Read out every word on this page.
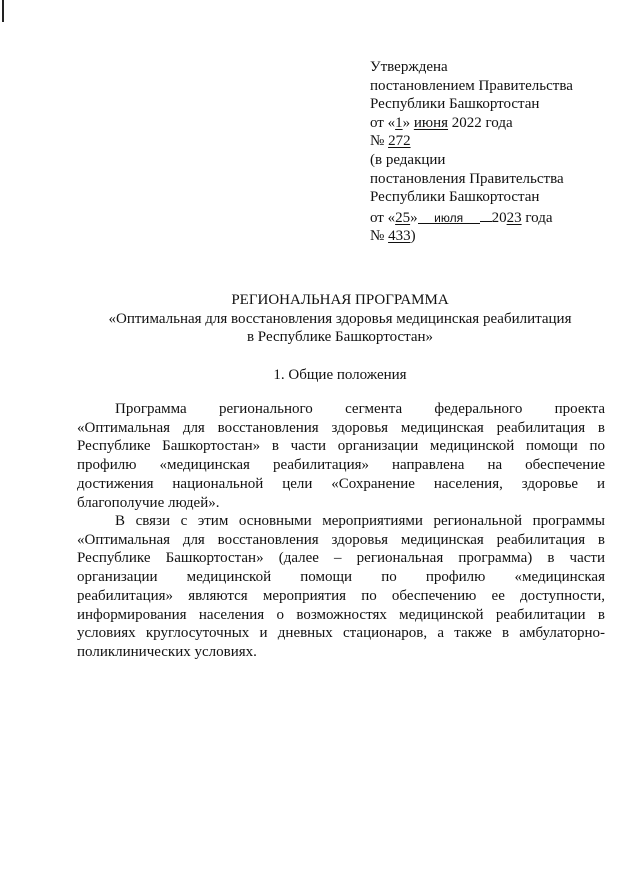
Утверждена
постановлением Правительства
Республики Башкортостан
от «1» июня 2022 года
№ 272
(в редакции
постановления Правительства
Республики Башкортостан
от «25» июля 2023 года
№ 433)
РЕГИОНАЛЬНАЯ ПРОГРАММА
«Оптимальная для восстановления здоровья медицинская реабилитация
в Республике Башкортостан»
1. Общие положения
Программа регионального сегмента федерального проекта
«Оптимальная для восстановления здоровья медицинская реабилитация в
Республике Башкортостан» в части организации медицинской помощи по
профилю «медицинская реабилитация» направлена на обеспечение
достижения национальной цели «Сохранение населения, здоровье и
благополучие людей».
В связи с этим основными мероприятиями региональной программы
«Оптимальная для восстановления здоровья медицинская реабилитация в
Республике Башкортостан» (далее – региональная программа) в части
организации медицинской помощи по профилю «медицинская
реабилитация» являются мероприятия по обеспечению ее доступности,
информирования населения о возможностях медицинской реабилитации в
условиях круглосуточных и дневных стационаров, а также в амбулаторно-
поликлинических условиях.
